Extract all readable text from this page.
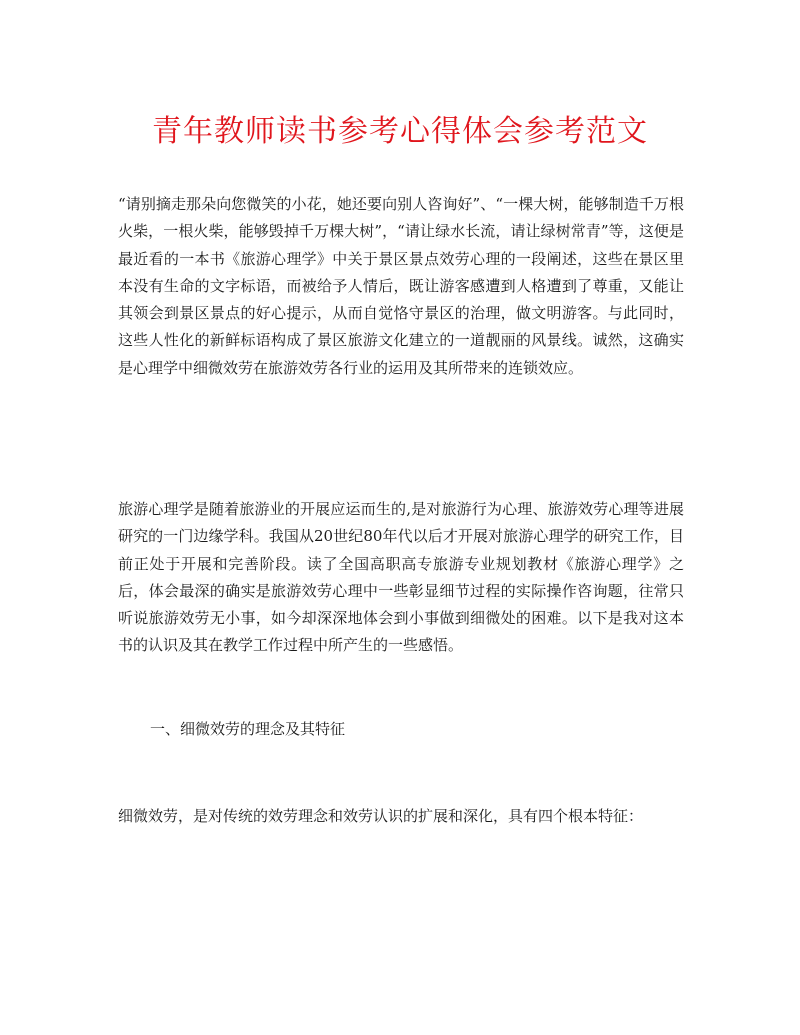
青年教师读书参考心得体会参考范文

“请别摘走那朵向您微笑的小花，她还要向别人咨询好”、“一棵大树，能够制造千万根火柴，一根火柴，能够毁掉千万棵大树”，“请让绿水长流，请让绿树常青”等，这便是最近看的一本书《旅游心理学》中关于景区景点效劳心理的一段阐述，这些在景区里本没有生命的文字标语，而被给予人情后，既让游客感遭到人格遭到了尊重，又能让其领会到景区景点的好心提示，从而自觉恪守景区的治理，做文明游客。与此同时，这些人性化的新鲜标语构成了景区旅游文化建立的一道靓丽的风景线。诚然，这确实是心理学中细微效劳在旅游效劳各行业的运用及其所带来的连锁效应。

旅游心理学是随着旅游业的开展应运而生的,是对旅游行为心理、旅游效劳心理等进展研究的一门边缘学科。我国从20世纪80年代以后才开展对旅游心理学的研究工作，目前正处于开展和完善阶段。读了全国高职高专旅游专业规划教材《旅游心理学》之后，体会最深的确实是旅游效劳心理中一些彰显细节过程的实际操作咨询题，往常只听说旅游效劳无小事，如今却深深地体会到小事做到细微处的困难。以下是我对这本书的认识及其在教学工作过程中所产生的一些感悟。

一、细微效劳的理念及其特征

细微效劳，是对传统的效劳理念和效劳认识的扩展和深化，具有四个根本特征：
